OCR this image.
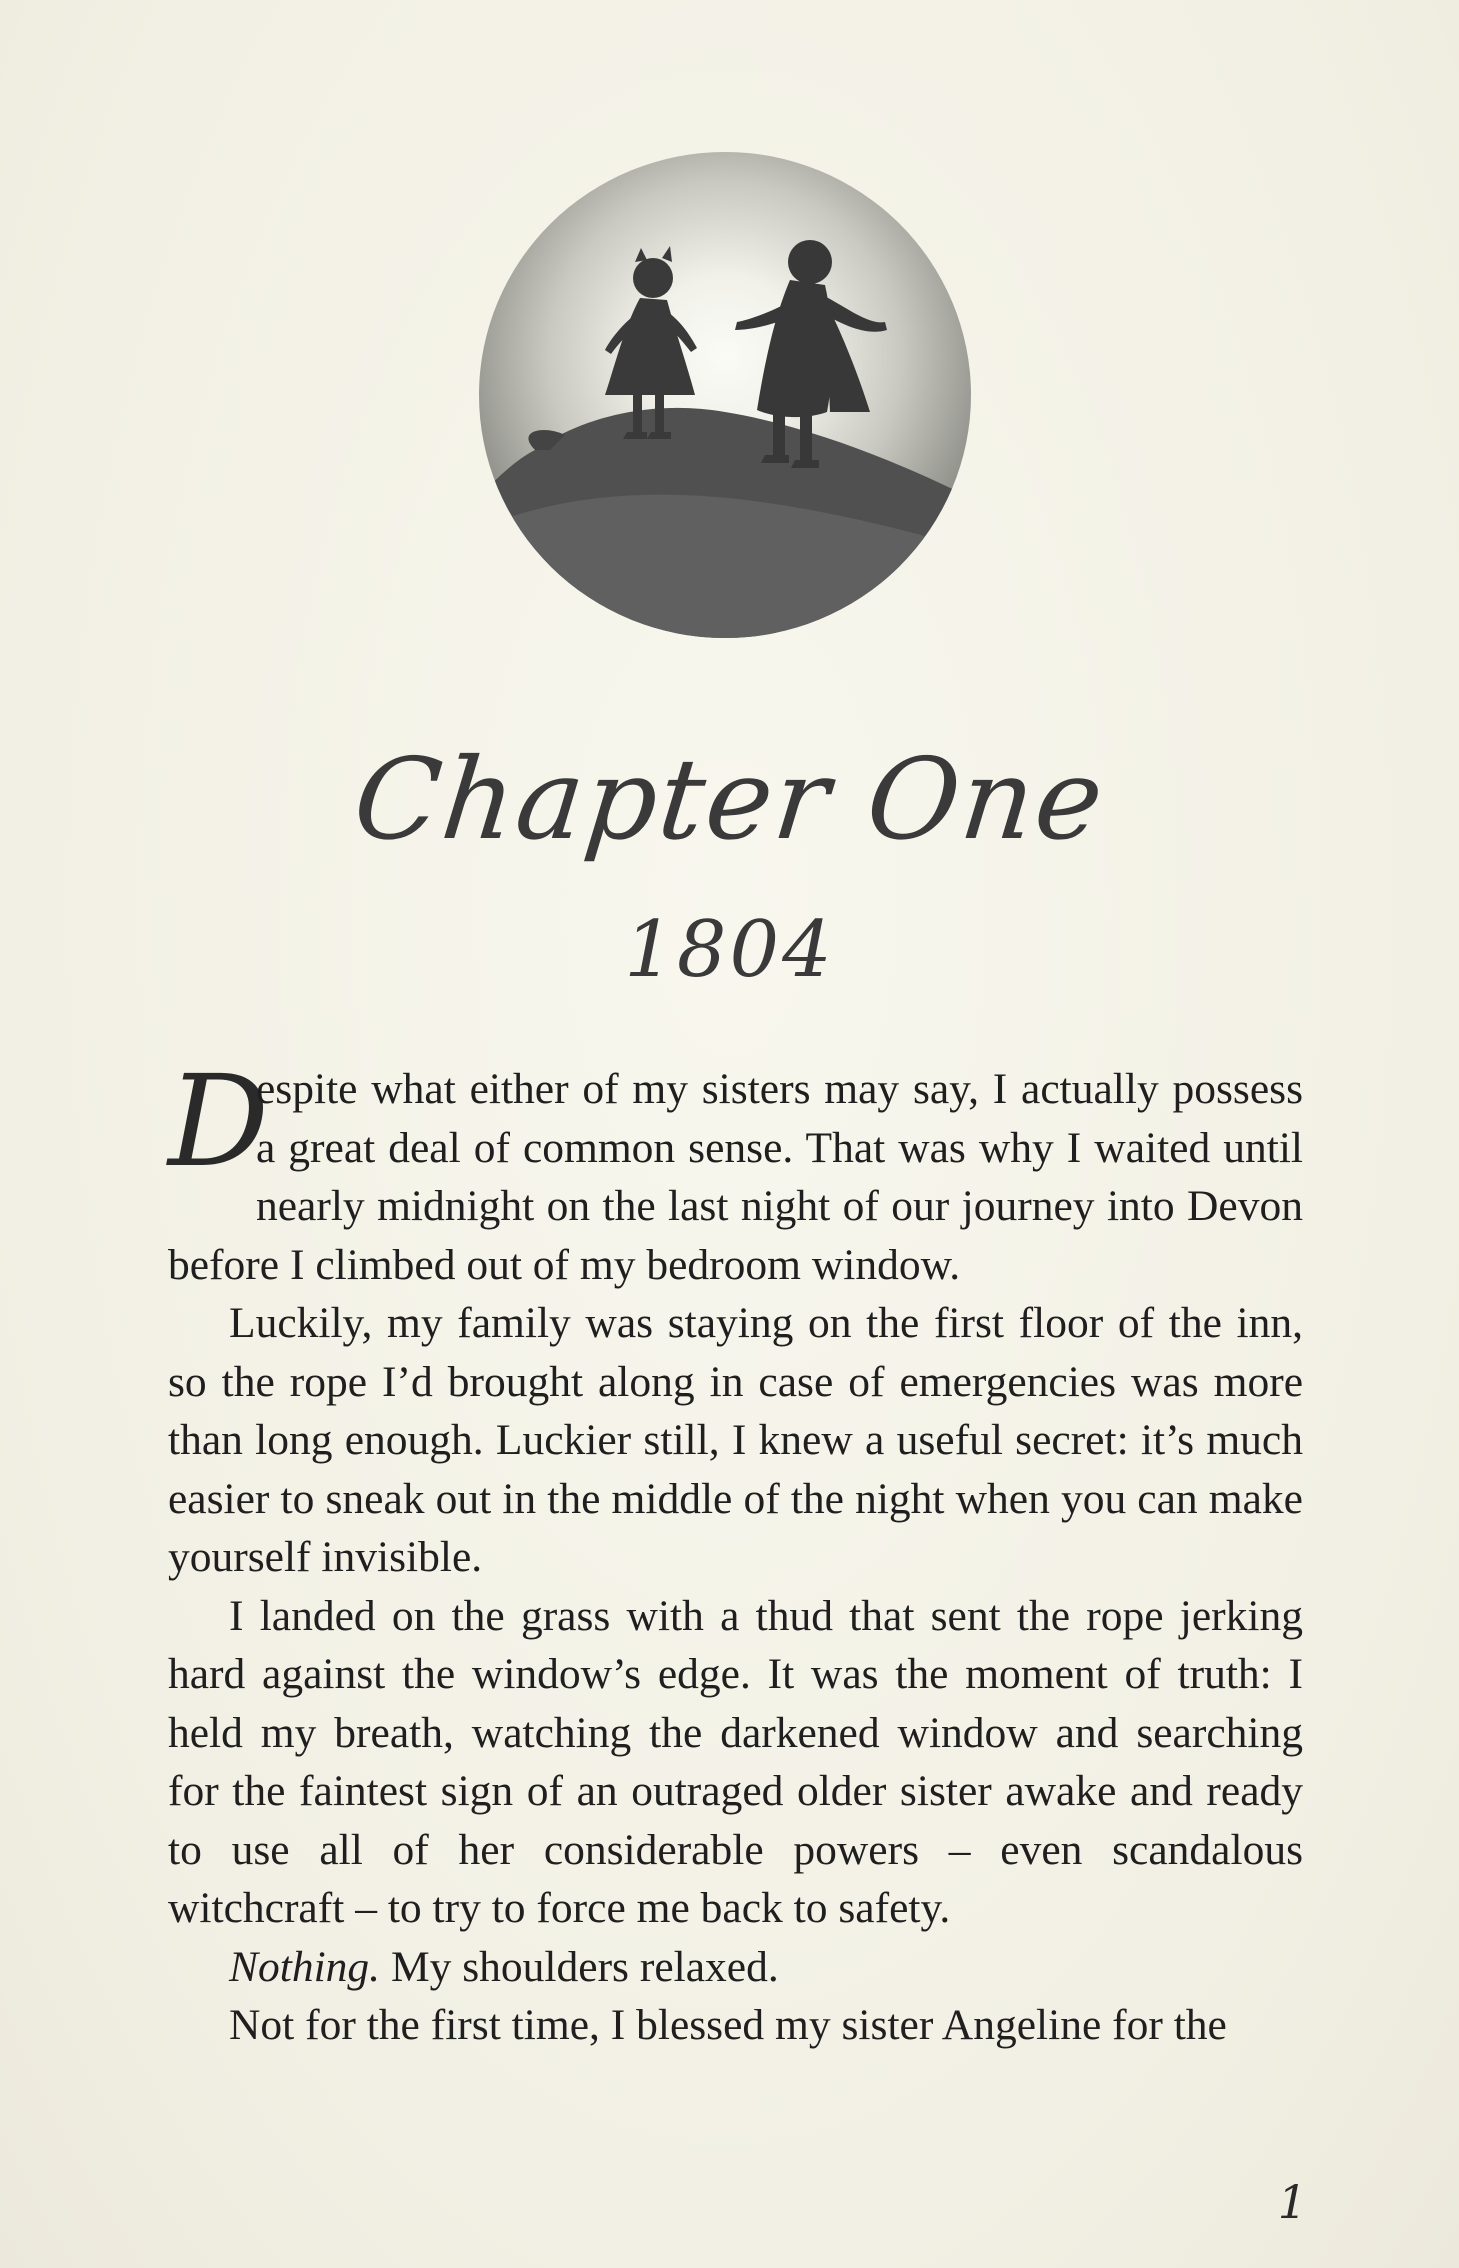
Chapter One
1804

D
espite what either of my sisters may say, I actually possess a great deal of common sense. That was why I waited until nearly midnight on the last night of our journey into Devon before I climbed out of my bedroom window.

Luckily, my family was staying on the first floor of the inn, so the rope I’d brought along in case of emergencies was more than long enough. Luckier still, I knew a useful secret: it’s much easier to sneak out in the middle of the night when you can make yourself invisible.

I landed on the grass with a thud that sent the rope jerking hard against the window’s edge. It was the moment of truth: I held my breath, watching the darkened window and searching for the faintest sign of an outraged older sister awake and ready to use all of her considerable powers – even scandalous witchcraft – to try to force me back to safety.

Nothing. My shoulders relaxed.

Not for the first time, I blessed my sister Angeline for the

1
